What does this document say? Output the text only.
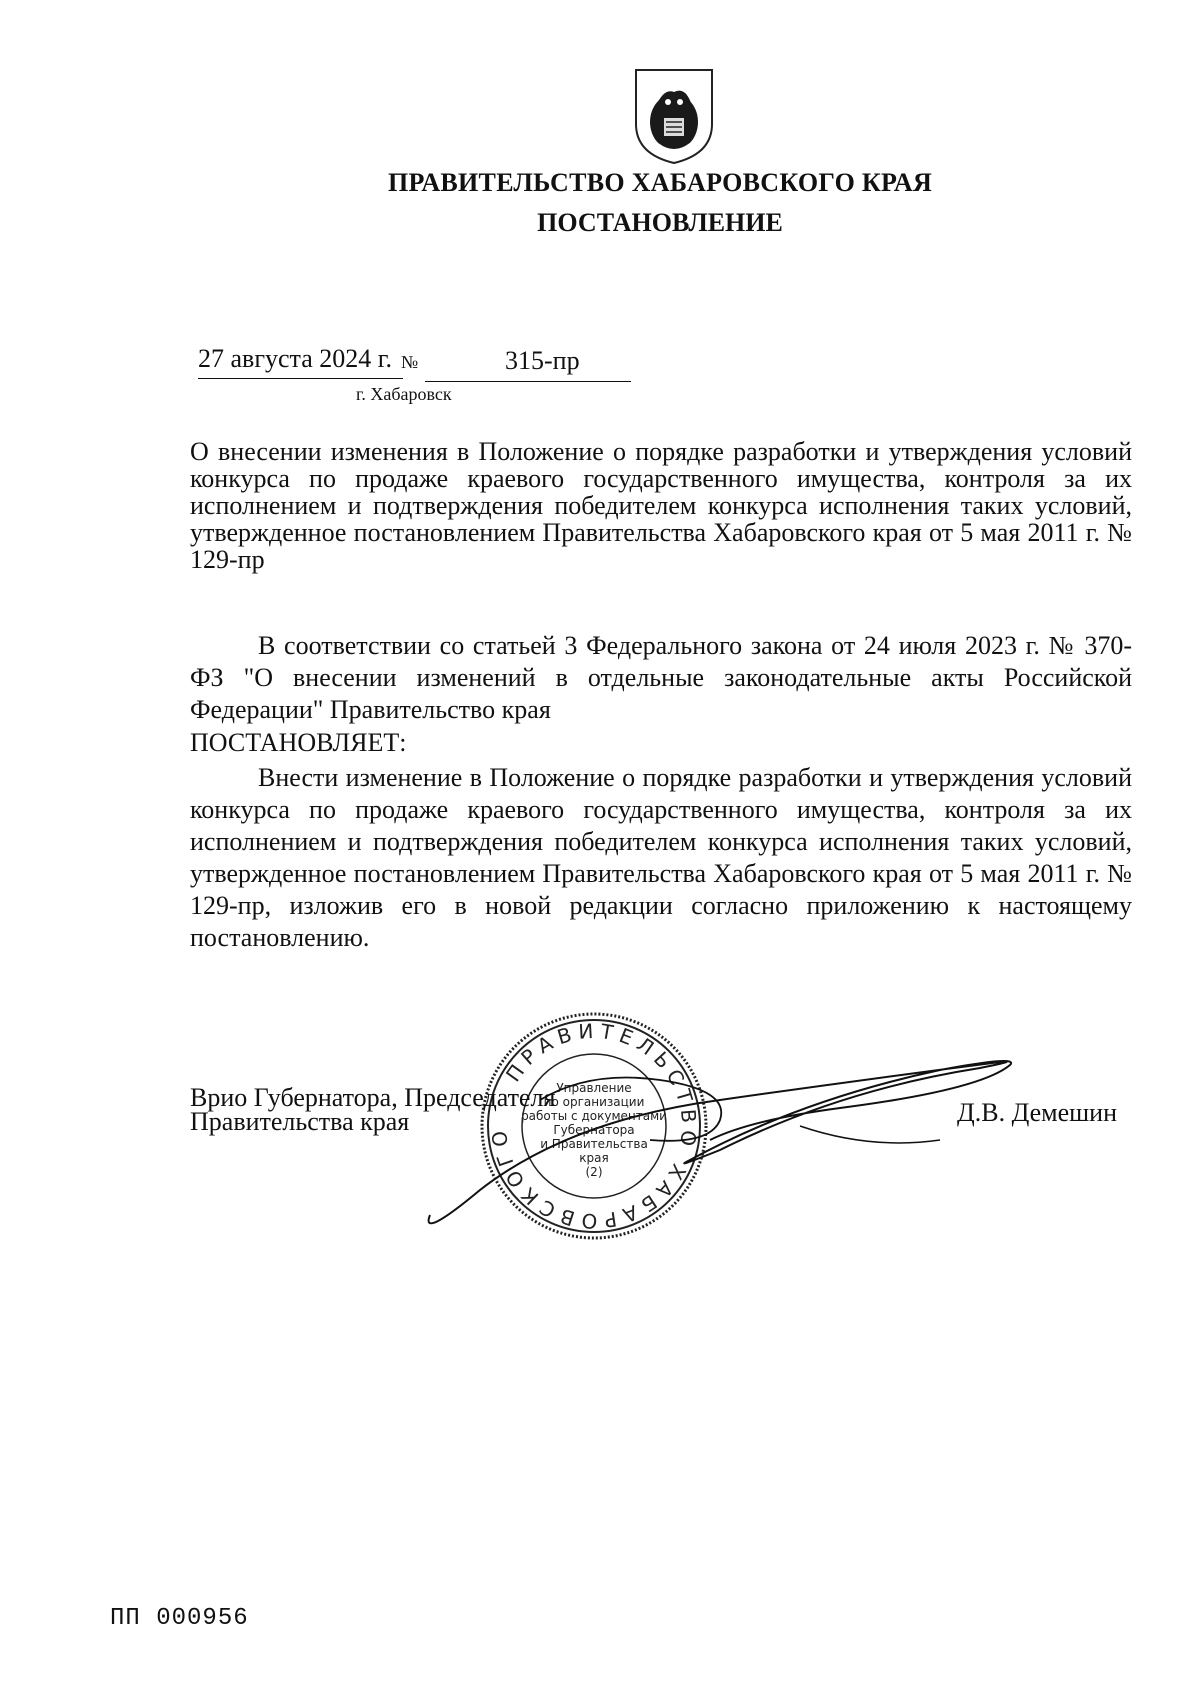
ПРАВИТЕЛЬСТВО ХАБАРОВСКОГО КРАЯ
ПОСТАНОВЛЕНИЕ
27 августа 2024 г. №	315-пр
г. Хабаровск
О внесении изменения в Положение о порядке разработки и утверждения условий конкурса по продаже краевого государственного имущества, контроля за их исполнением и подтверждения победителем конкурса исполнения таких условий, утвержденное постановлением Правительства Хабаровского края от 5 мая 2011 г. № 129-пр
В соответствии со статьей 3 Федерального закона от 24 июля 2023 г. № 370-ФЗ "О внесении изменений в отдельные законодательные акты Российской Федерации" Правительство края
ПОСТАНОВЛЯЕТ:
Внести изменение в Положение о порядке разработки и утверждения условий конкурса по продаже краевого государственного имущества, контроля за их исполнением и подтверждения победителем конкурса исполнения таких условий, утвержденное постановлением Правительства Хабаровского края от 5 мая 2011 г. № 129-пр, изложив его в новой редакции согласно приложению к настоящему постановлению.
ПРАВИТЕЛЬСТВО ХАБАРОВСКОГО
Управление
по организации
работы с документами
Губернатора
и Правительства
края
(2)
Врио Губернатора, Председателя
Правительства края	Д.В. Демешин
ПП 000956
